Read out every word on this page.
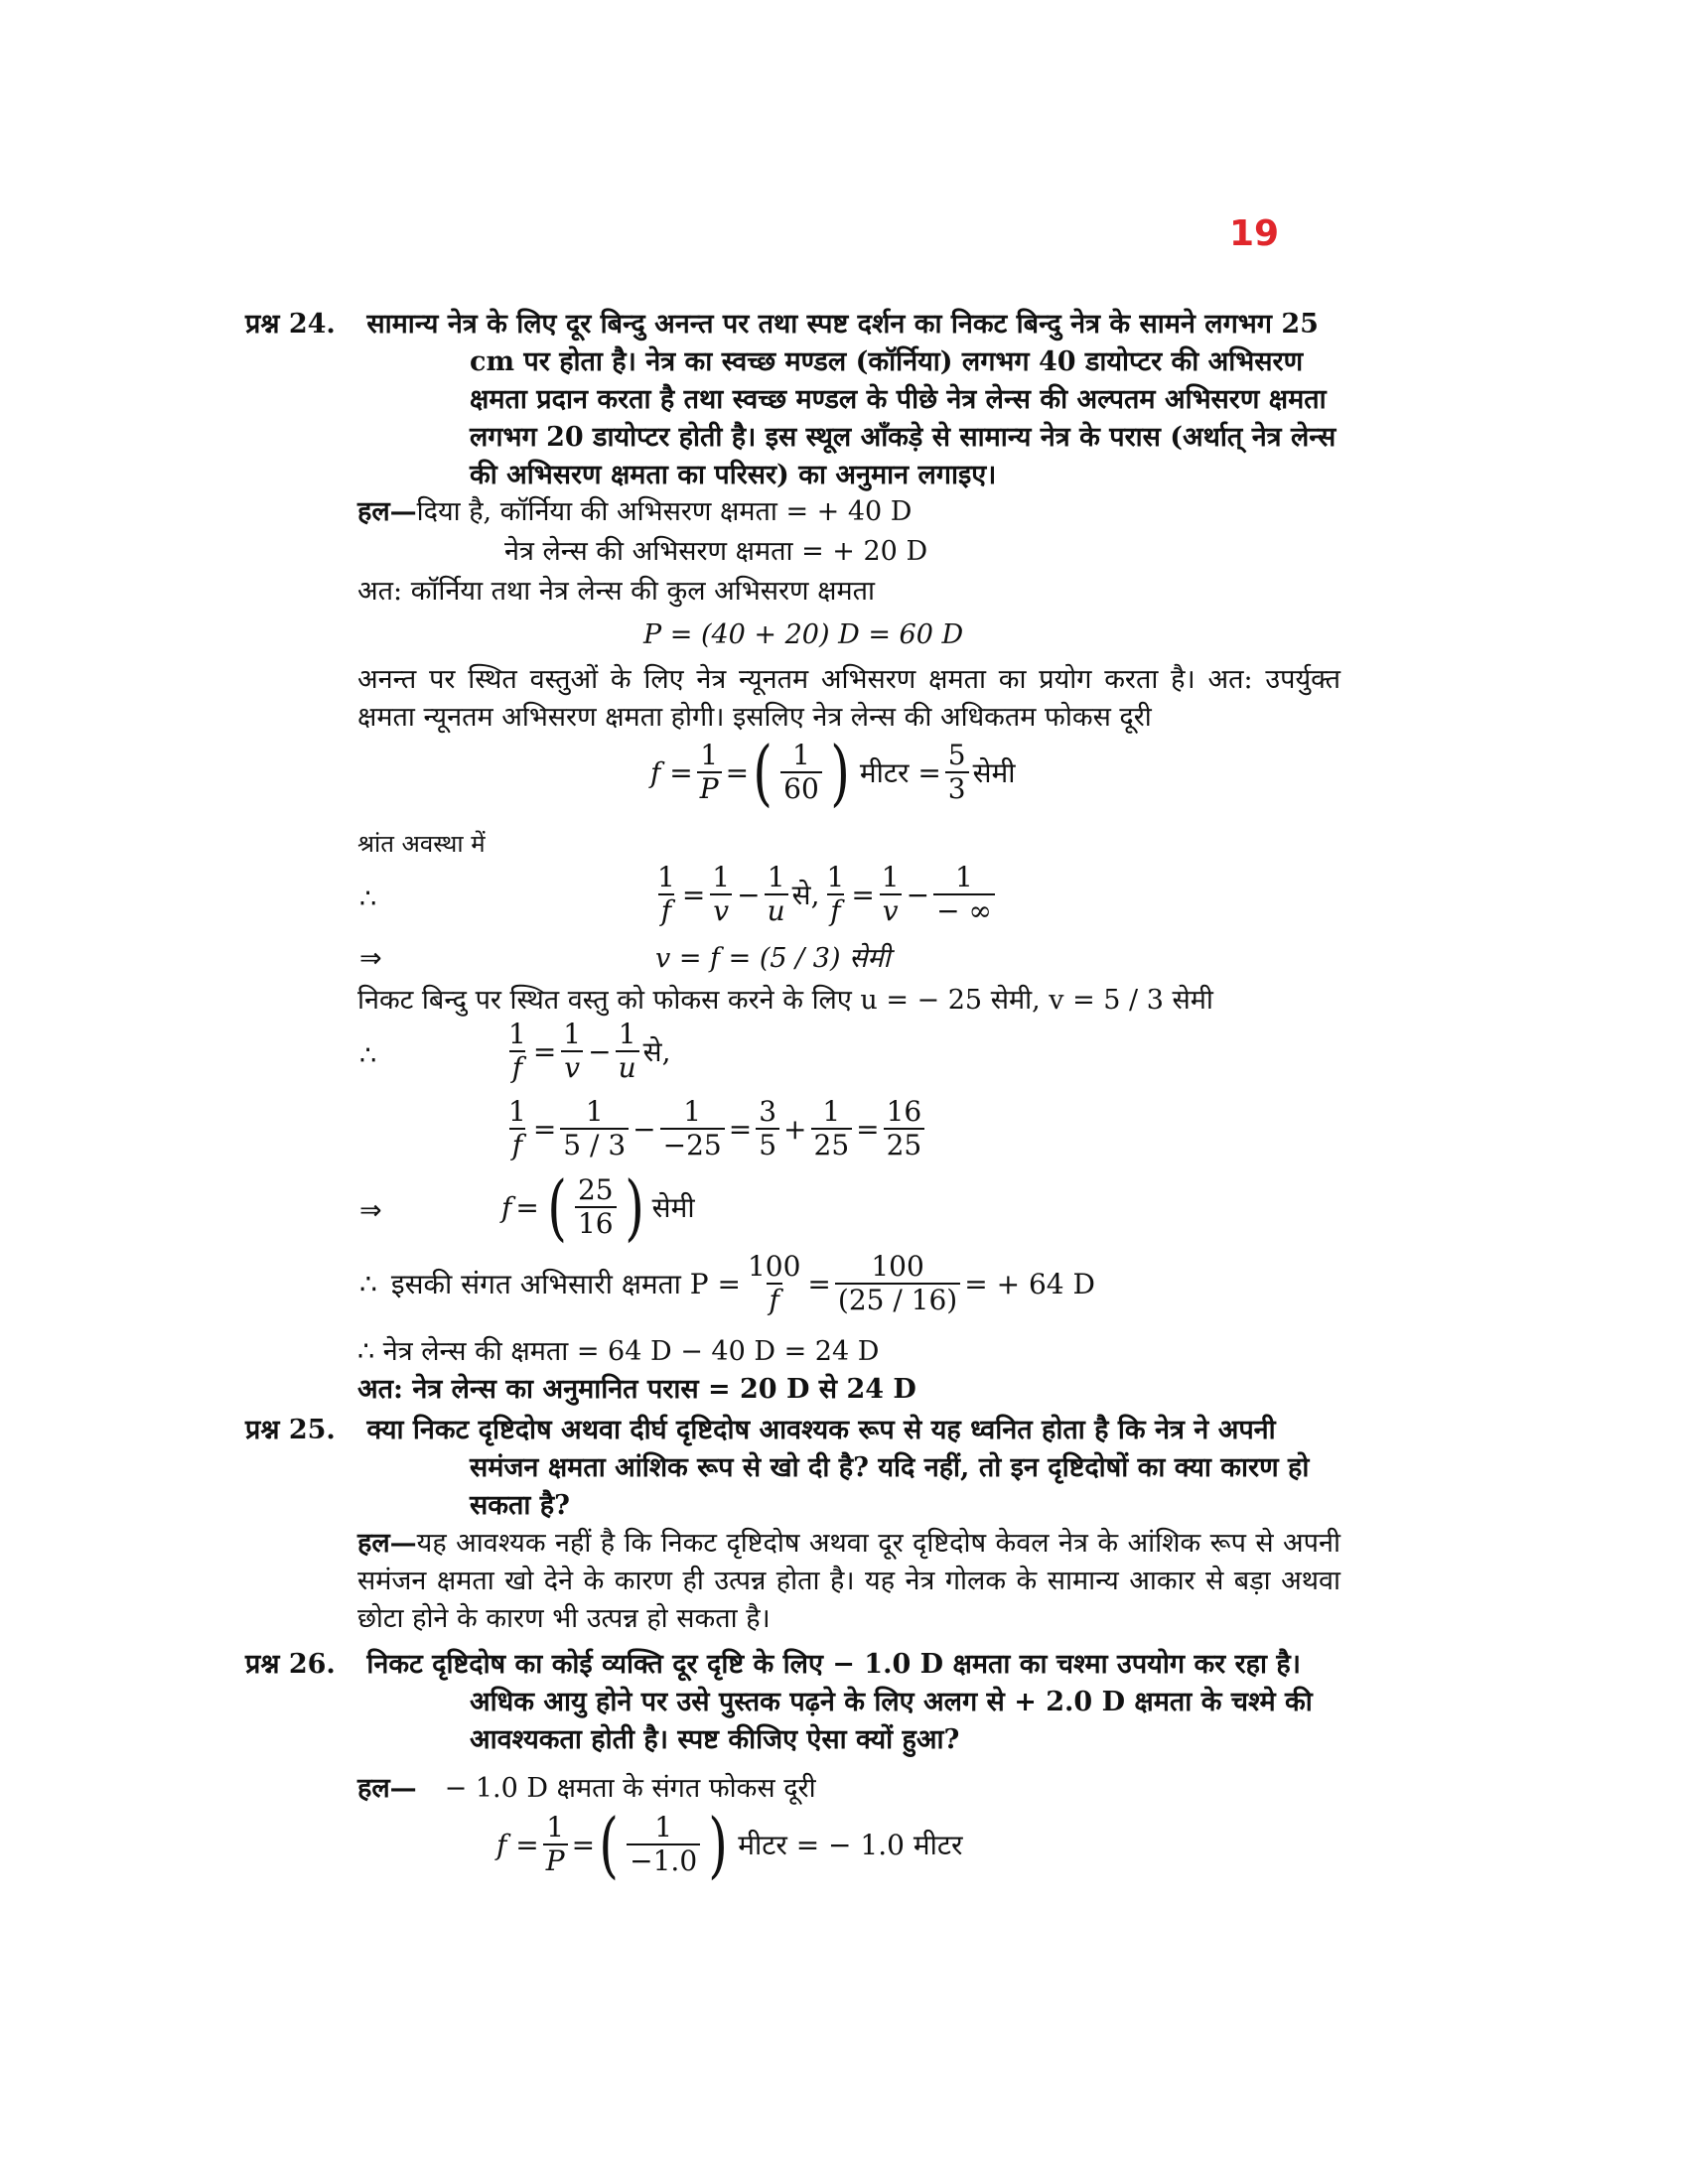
19
प्रश्न 24. सामान्य नेत्र के लिए दूर बिन्दु अनन्त पर तथा स्पष्ट दर्शन का निकट बिन्दु नेत्र के सामने लगभग 25 cm पर होता है। नेत्र का स्वच्छ मण्डल (कॉर्निया) लगभग 40 डायोप्टर की अभिसरण क्षमता प्रदान करता है तथा स्वच्छ मण्डल के पीछे नेत्र लेन्स की अल्पतम अभिसरण क्षमता लगभग 20 डायोप्टर होती है। इस स्थूल आँकड़े से सामान्य नेत्र के परास (अर्थात् नेत्र लेन्स की अभिसरण क्षमता का परिसर) का अनुमान लगाइए।
हल—दिया है, कॉर्निया की अभिसरण क्षमता = + 40 D
नेत्र लेन्स की अभिसरण क्षमता = + 20 D
अत: कॉर्निया तथा नेत्र लेन्स की कुल अभिसरण क्षमता
P = (40 + 20) D = 60 D
अनन्त पर स्थित वस्तुओं के लिए नेत्र न्यूनतम अभिसरण क्षमता का प्रयोग करता है। अत: उपर्युक्त क्षमता न्यूनतम अभिसरण क्षमता होगी। इसलिए नेत्र लेन्स की अधिकतम फोकस दूरी
$f = \frac{1}{P}$ = ( $\frac{1}{60}$ ) मीटर = $\frac{5}{3}$ सेमी
श्रांत अवस्था में
∴	$\frac{1}{f} = \frac{1}{v} - \frac{1}{u}$ से, $\frac{1}{f} = \frac{1}{v} - \frac{1}{- \infty}$
⇒	v = f = (5 / 3) सेमी
निकट बिन्दु पर स्थित वस्तु को फोकस करने के लिए u = − 25 सेमी, v = 5 / 3 सेमी
∴	$\frac{1}{f} = \frac{1}{v} - \frac{1}{u}$ से,
$\frac{1}{f} = \frac{1}{5 / 3} - \frac{1}{-25} = \frac{3}{5} + \frac{1}{25} = \frac{16}{25}$
⇒	f = ( $\frac{25}{16}$ ) सेमी
∴ इसकी संगत अभिसारी क्षमता $P = \frac{100}{f} = \frac{100}{(25 / 16)}$ = + 64 D
∴ नेत्र लेन्स की क्षमता = 64 D − 40 D = 24 D
अत: नेत्र लेन्स का अनुमानित परास = 20 D से 24 D
प्रश्न 25. क्या निकट दृष्टिदोष अथवा दीर्घ दृष्टिदोष आवश्यक रूप से यह ध्वनित होता है कि नेत्र ने अपनी समंजन क्षमता आंशिक रूप से खो दी है? यदि नहीं, तो इन दृष्टिदोषों का क्या कारण हो सकता है?
हल—यह आवश्यक नहीं है कि निकट दृष्टिदोष अथवा दूर दृष्टिदोष केवल नेत्र के आंशिक रूप से अपनी समंजन क्षमता खो देने के कारण ही उत्पन्न होता है। यह नेत्र गोलक के सामान्य आकार से बड़ा अथवा छोटा होने के कारण भी उत्पन्न हो सकता है।
प्रश्न 26. निकट दृष्टिदोष का कोई व्यक्ति दूर दृष्टि के लिए − 1.0 D क्षमता का चश्मा उपयोग कर रहा है। अधिक आयु होने पर उसे पुस्तक पढ़ने के लिए अलग से + 2.0 D क्षमता के चश्मे की आवश्यकता होती है। स्पष्ट कीजिए ऐसा क्यों हुआ?
हल— − 1.0 D क्षमता के संगत फोकस दूरी
$f = \frac{1}{P}$ = ( $\frac{1}{-1.0}$ ) मीटर = − 1.0 मीटर
